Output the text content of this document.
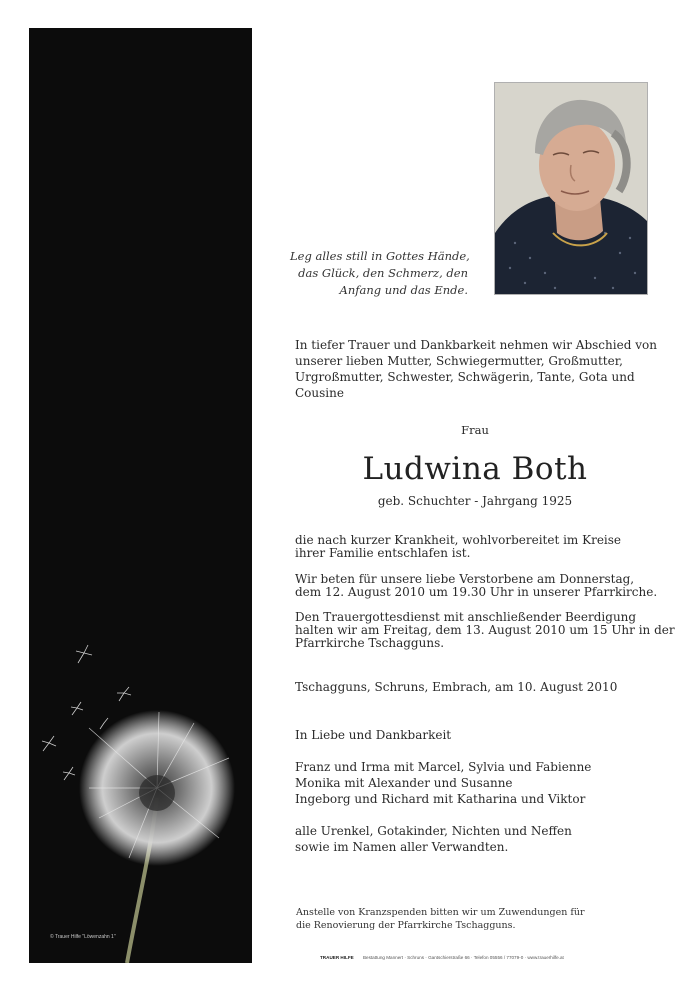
© Trauer Hilfe "Löwenzahn 1"
Leg alles still in Gottes Hände,
das Glück, den Schmerz, den
Anfang und das Ende.
In tiefer Trauer und Dankbarkeit nehmen wir Abschied von
unserer lieben Mutter, Schwiegermutter, Großmutter,
Urgroßmutter, Schwester, Schwägerin, Tante, Gota und
Cousine
Frau
Ludwina Both
geb. Schuchter - Jahrgang 1925
die nach kurzer Krankheit, wohlvorbereitet im Kreise
ihrer Familie entschlafen ist.
Wir beten für unsere liebe Verstorbene am Donnerstag,
dem 12. August 2010 um 19.30 Uhr in unserer Pfarrkirche.
Den Trauergottesdienst mit anschließender Beerdigung
halten wir am Freitag, dem 13. August 2010 um 15 Uhr in der
Pfarrkirche Tschagguns.
Tschagguns, Schruns, Embrach, am 10. August 2010
In Liebe und Dankbarkeit
Franz und Irma mit Marcel, Sylvia und Fabienne
Monika mit Alexander und Susanne
Ingeborg und Richard mit Katharina und Viktor
alle Urenkel, Gotakinder, Nichten und Neffen
sowie im Namen aller Verwandten.
Anstelle von Kranzspenden bitten wir um Zuwendungen für
die Renovierung der Pfarrkirche Tschagguns.
TRAUER HILFE Bestattung Mannert · Schruns · Gantschierstraße 66 · Telefon 05556 / 77079-0 · www.trauerhilfe.at
